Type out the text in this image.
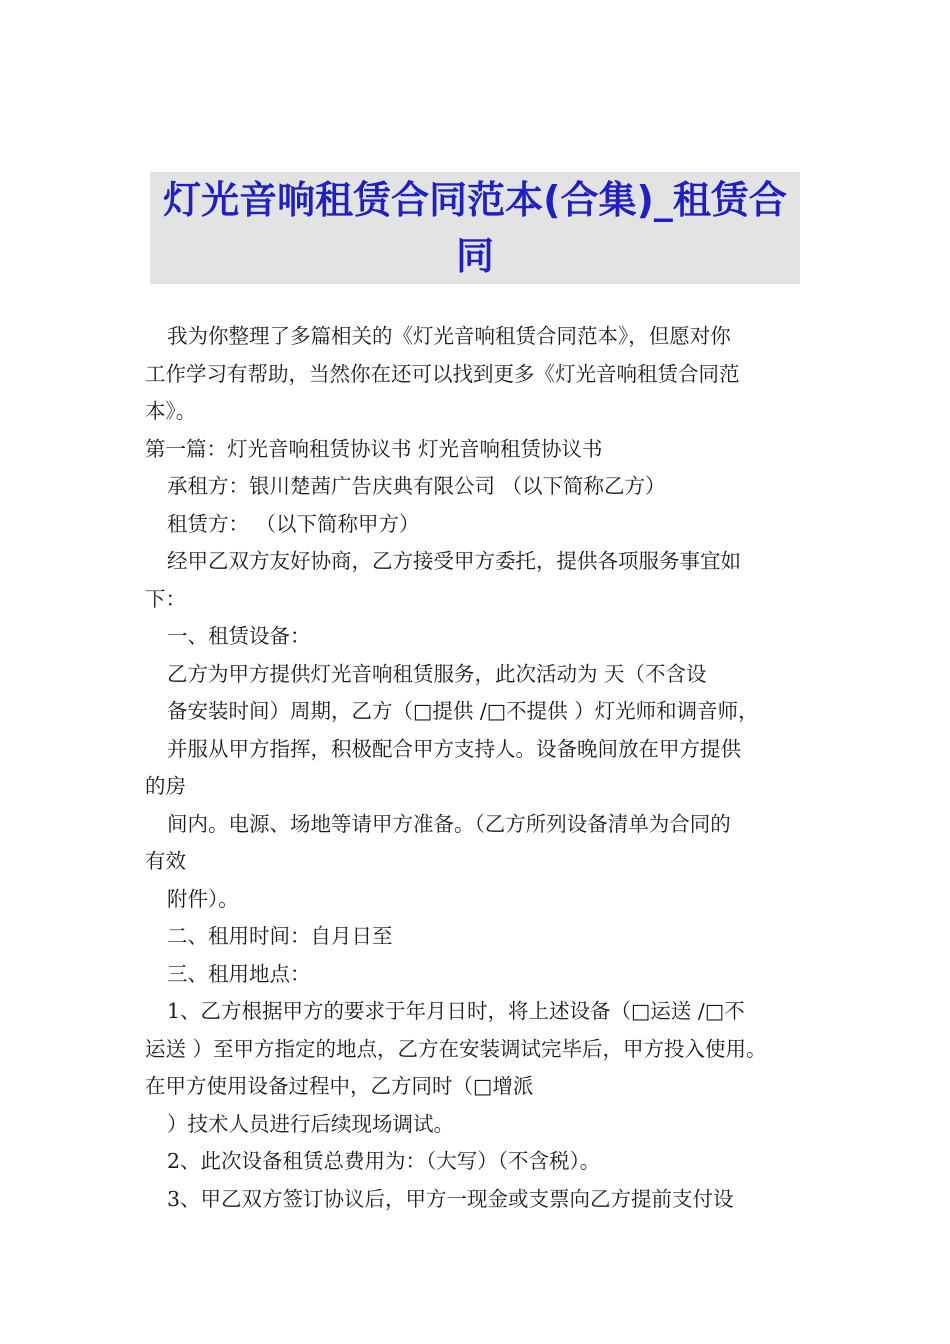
灯光音响租赁合同范本(合集)_租赁合
同
我为你整理了多篇相关的《灯光音响租赁合同范本》，但愿对你
工作学习有帮助，当然你在还可以找到更多《灯光音响租赁合同范
本》。
第一篇：灯光音响租赁协议书 灯光音响租赁协议书
承租方：银川楚茜广告庆典有限公司 （以下简称乙方）
租赁方： （以下简称甲方）
经甲乙双方友好协商，乙方接受甲方委托，提供各项服务事宜如
下：
一、租赁设备：
乙方为甲方提供灯光音响租赁服务，此次活动为 天（不含设
备安装时间）周期，乙方（□提供 /□不提供 ）灯光师和调音师，
并服从甲方指挥，积极配合甲方支持人。设备晚间放在甲方提供
的房
间内。电源、场地等请甲方准备。（乙方所列设备清单为合同的
有效
附件）。
二、租用时间：自月日至
三、租用地点：
1、乙方根据甲方的要求于年月日时，将上述设备（□运送 /□不
运送 ）至甲方指定的地点，乙方在安装调试完毕后，甲方投入使用。
在甲方使用设备过程中，乙方同时（□增派
）技术人员进行后续现场调试。
2、此次设备租赁总费用为：（大写）（不含税）。
3、甲乙双方签订协议后，甲方一现金或支票向乙方提前支付设
